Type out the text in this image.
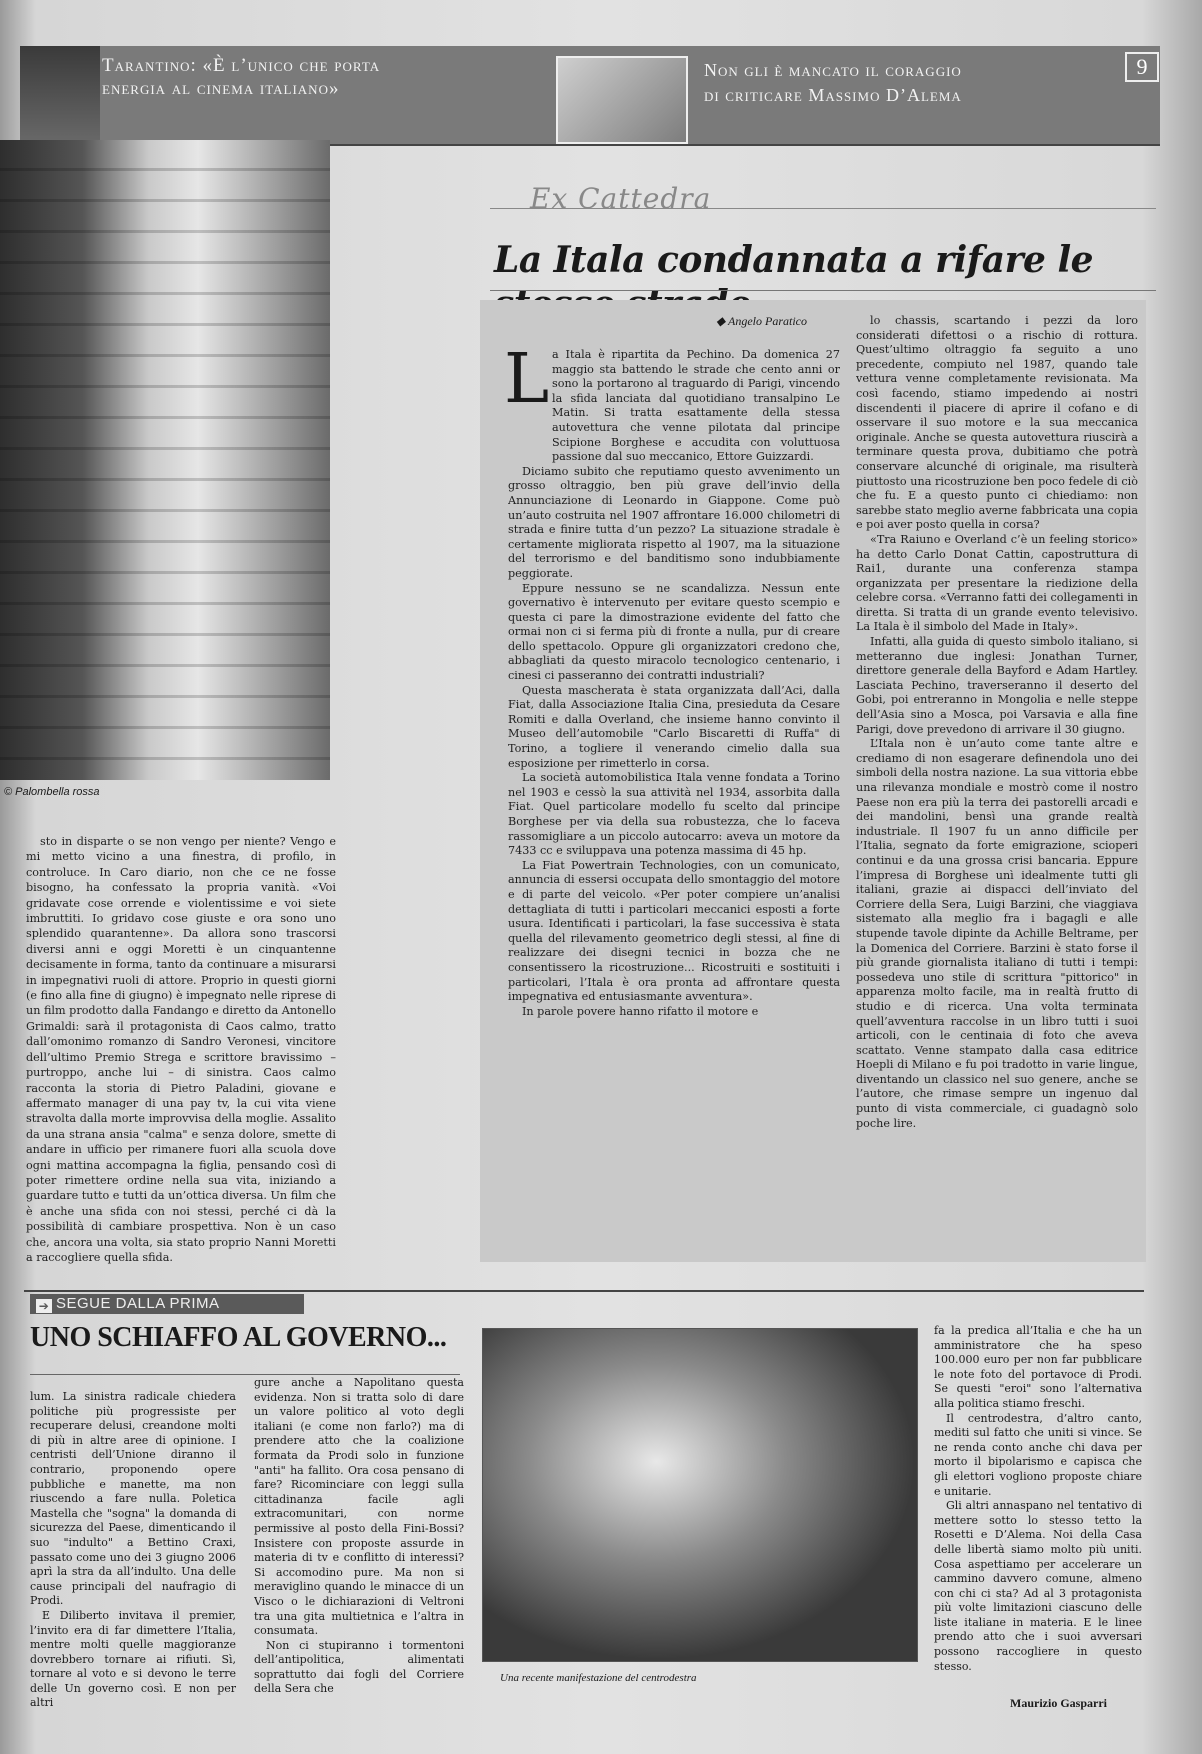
Tarantino: «È l’unico che porta
energia al cinema italiano»
Non gli è mancato il coraggio
di criticare Massimo D’Alema
9
© Palombella rossa

sto in disparte o se non vengo per niente? Vengo e mi metto vicino a una finestra, di profilo, in controluce. In Caro diario, non che ce ne fosse bisogno, ha confessato la propria vanità. «Voi gridavate cose orrende e violentissime e voi siete imbruttiti. Io gridavo cose giuste e ora sono uno splendido quarantenne». Da allora sono trascorsi diversi anni e oggi Moretti è un cinquantenne decisamente in forma, tanto da continuare a misurarsi in impegnativi ruoli di attore. Proprio in questi giorni (e fino alla fine di giugno) è impegnato nelle riprese di un film prodotto dalla Fandango e diretto da Antonello Grimaldi: sarà il protagonista di Caos calmo, tratto dall’omonimo romanzo di Sandro Veronesi, vincitore dell’ultimo Premio Strega e scrittore bravissimo – purtroppo, anche lui – di sinistra. Caos calmo racconta la storia di Pietro Paladini, giovane e affermato manager di una pay tv, la cui vita viene stravolta dalla morte improvvisa della moglie. Assalito da una strana ansia "calma" e senza dolore, smette di andare in ufficio per rimanere fuori alla scuola dove ogni mattina accompagna la figlia, pensando così di poter rimettere ordine nella sua vita, iniziando a guardare tutto e tutti da un’ottica diversa. Un film che è anche una sfida con noi stessi, perché ci dà la possibilità di cambiare prospettiva. Non è un caso che, ancora una volta, sia stato proprio Nanni Moretti a raccogliere quella sfida.

Ex Cattedra
La Itala condannata a rifare le
◆ Angelo Paratico
L a Itala è ripartita da Pechino. Da domenica 27 maggio sta battendo le strade che cento anni or sono la portarono al traguardo di Parigi, vincendo la sfida lanciata dal quotidiano transalpino Le Matin. Si tratta esattamente della stessa autovettura che venne pilotata dal principe Scipione Borghese e accudita con voluttuosa passione dal suo meccanico, Ettore Guizzardi.

Diciamo subito che reputiamo questo avvenimento un grosso oltraggio, ben più grave dell’invio della Annunciazione di Leonardo in Giappone. Come può un’auto costruita nel 1907 affrontare 16.000 chilometri di strada e finire tutta d’un pezzo? La situazione stradale è certamente migliorata rispetto al 1907, ma la situazione del terrorismo e del banditismo sono indubbiamente peggiorate.

Eppure nessuno se ne scandalizza. Nessun ente governativo è intervenuto per evitare questo scempio e questa ci pare la dimostrazione evidente del fatto che ormai non ci si ferma più di fronte a nulla, pur di creare dello spettacolo. Oppure gli organizzatori credono che, abbagliati da questo miracolo tecnologico centenario, i cinesi ci passeranno dei contratti industriali?

Questa mascherata è stata organizzata dall’Aci, dalla Fiat, dalla Associazione Italia Cina, presieduta da Cesare Romiti e dalla Overland, che insieme hanno convinto il Museo dell’automobile "Carlo Biscaretti di Ruffa" di Torino, a togliere il venerando cimelio dalla sua esposizione per rimetterlo in corsa.

La società automobilistica Itala venne fondata a Torino nel 1903 e cessò la sua attività nel 1934, assorbita dalla Fiat. Quel particolare modello fu scelto dal principe Borghese per via della sua robustezza, che lo faceva rassomigliare a un piccolo autocarro: aveva un motore da 7433 cc e sviluppava una potenza massima di 45 hp.

La Fiat Powertrain Technologies, con un comunicato, annuncia di essersi occupata dello smontaggio del motore e di parte del veicolo. «Per poter compiere un’analisi dettagliata di tutti i particolari meccanici esposti a forte usura. Identificati i particolari, la fase successiva è stata quella del rilevamento geometrico degli stessi, al fine di realizzare dei disegni tecnici in bozza che ne consentissero la ricostruzione... Ricostruiti e sostituiti i particolari, l’Itala è ora pronta ad affrontare questa impegnativa ed entusiasmante avventura».

In parole povere hanno rifatto il motore e

lo chassis, scartando i pezzi da loro considerati difettosi o a rischio di rottura. Quest’ultimo oltraggio fa seguito a uno precedente, compiuto nel 1987, quando tale vettura venne completamente revisionata. Ma così facendo, stiamo impedendo ai nostri discendenti il piacere di aprire il cofano e di osservare il suo motore e la sua meccanica originale. Anche se questa autovettura riuscirà a terminare questa prova, dubitiamo che potrà conservare alcunché di originale, ma risulterà piuttosto una ricostruzione ben poco fedele di ciò che fu. E a questo punto ci chiediamo: non sarebbe stato meglio averne fabbricata una copia e poi aver posto quella in corsa?

«Tra Raiuno e Overland c’è un feeling storico» ha detto Carlo Donat Cattin, capostruttura di Rai1, durante una conferenza stampa organizzata per presentare la riedizione della celebre corsa. «Verranno fatti dei collegamenti in diretta. Si tratta di un grande evento televisivo. La Itala è il simbolo del Made in Italy».

Infatti, alla guida di questo simbolo italiano, si metteranno due inglesi: Jonathan Turner, direttore generale della Bayford e Adam Hartley. Lasciata Pechino, traverseranno il deserto del Gobi, poi entreranno in Mongolia e nelle steppe dell’Asia sino a Mosca, poi Varsavia e alla fine Parigi, dove prevedono di arrivare il 30 giugno.

L’Itala non è un’auto come tante altre e crediamo di non esagerare definendola uno dei simboli della nostra nazione. La sua vittoria ebbe una rilevanza mondiale e mostrò come il nostro Paese non era più la terra dei pastorelli arcadi e dei mandolini, bensì una grande realtà industriale. Il 1907 fu un anno difficile per l’Italia, segnato da forte emigrazione, scioperi continui e da una grossa crisi bancaria. Eppure l’impresa di Borghese unì idealmente tutti gli italiani, grazie ai dispacci dell’inviato del Corriere della Sera, Luigi Barzini, che viaggiava sistemato alla meglio fra i bagagli e alle stupende tavole dipinte da Achille Beltrame, per la Domenica del Corriere. Barzini è stato forse il più grande giornalista italiano di tutti i tempi: possedeva uno stile di scrittura "pittorico" in apparenza molto facile, ma in realtà frutto di studio e di ricerca. Una volta terminata quell’avventura raccolse in un libro tutti i suoi articoli, con le centinaia di foto che aveva scattato. Venne stampato dalla casa editrice Hoepli di Milano e fu poi tradotto in varie lingue, diventando un classico nel suo genere, anche se l’autore, che rimase sempre un ingenuo dal punto di vista commerciale, ci guadagnò solo poche lire.

➔ SEGUE DALLA PRIMA
UNO SCHIAFFO AL GOVERNO...

lum. La sinistra radicale chiedera politiche più progressiste per recuperare delusi, creandone molti di più in altre aree di opinione. I centristi dell’Unione diranno il contrario, proponendo opere pubbliche e manette, ma non riuscendo a fare nulla. Poletica Mastella che "sogna" la domanda di sicurezza del Paese, dimenticando il suo "indulto" a Bettino Craxi, passato come uno dei 3 giugno 2006 aprì la stra da all’indulto. Una delle cause principali del naufragio di Prodi.

E Diliberto invitava il premier, l’invito era di far dimettere l’Italia, mentre molti quelle maggioranze dovrebbero tornare ai rifiuti. Sì, tornare al voto e si devono le terre delle Un governo così. E non per altri

gure anche a Napolitano questa evidenza. Non si tratta solo di dare un valore politico al voto degli italiani (e come non farlo?) ma di prendere atto che la coalizione formata da Prodi solo in funzione "anti" ha fallito. Ora cosa pensano di fare? Ricominciare con leggi sulla cittadinanza facile agli extracomunitari, con norme permissive al posto della Fini-Bossi? Insistere con proposte assurde in materia di tv e conflitto di interessi? Si accomodino pure. Ma non si meraviglino quando le minacce di un Visco o le dichiarazioni di Veltroni tra una gita multietnica e l’altra in consumata.

Non ci stupiranno i tormentoni dell’antipolitica, alimentati soprattutto dai fogli del Corriere della Sera che

Una recente manifestazione del centrodestra

fa la predica all’Italia e che ha un amministratore che ha speso 100.000 euro per non far pubblicare le note foto del portavoce di Prodi. Se questi "eroi" sono l’alternativa alla politica stiamo freschi.

Il centrodestra, d’altro canto, mediti sul fatto che uniti si vince. Se ne renda conto anche chi dava per morto il bipolarismo e capisca che gli elettori vogliono proposte chiare e unitarie.

Gli altri annaspano nel tentativo di mettere sotto lo stesso tetto la Rosetti e D’Alema. Noi della Casa delle libertà siamo molto più uniti. Cosa aspettiamo per accelerare un cammino davvero comune, almeno con chi ci sta? Ad al 3 protagonista più volte limitazioni ciascuno delle liste italiane in materia. E le linee prendo atto che i suoi avversari possono raccogliere in questo stesso.

Maurizio Gasparri
